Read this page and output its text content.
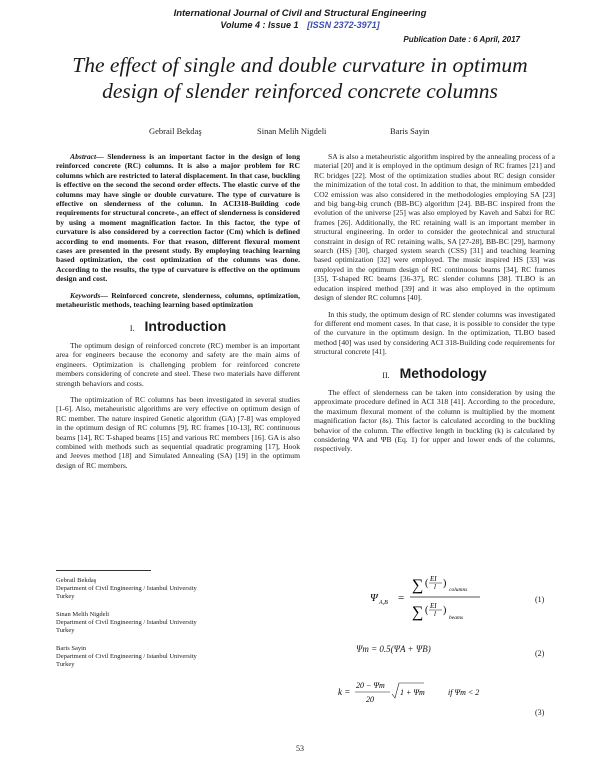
International Journal of Civil and Structural Engineering
Volume 4 : Issue 1 [ISSN 2372-3971]
Publication Date : 6 April, 2017
The effect of single and double curvature in optimum
design of slender reinforced concrete columns
Gebrail Bekdaş	Sinan Melih Nigdeli	Baris Sayin

Abstract— Slenderness is an important factor in the design of long reinforced concrete (RC) columns. It is also a major problem for RC columns which are restricted to lateral displacement. In that case, buckling is effective on the second the second order effects. The elastic curve of the columns may have single or double curvature. The type of curvature is effective on slenderness of the column. In ACI318-Building code requirements for structural concrete-, an effect of slenderness is considered by using a moment magnification factor. In this factor, the type of curvature is also considered by a correction factor (Cm) which is defined according to end moments. For that reason, different flexural moment cases are presented in the present study. By employing teaching learning based optimization, the cost optimization of the columns was done. According to the results, the type of curvature is effective on the optimum design and cost.

Keywords— Reinforced concrete, slenderness, columns, optimization, metaheuristic methods, teaching learning based optimization

I. Introduction

The optimum design of reinforced concrete (RC) member is an important area for engineers because the economy and safety are the main aims of engineers. Optimization is challenging problem for reinforced concrete members considering of concrete and steel. These two materials have different strength behaviors and costs.

The optimization of RC columns has been investigated in several studies [1-6]. Also, metaheuristic algorithms are very effective on optimum design of RC member. The nature inspired Genetic algorithm (GA) [7-8] was employed in the optimum design of RC columns [9], RC frames [10-13], RC continuous beams [14], RC T-shaped beams [15] and various RC members [16]. GA is also combined with methods such as sequential quadratic programing [17], Hook and Jeeves method [18] and Simulated Annealing (SA) [19] in the optimum design of RC members.

Gebrail Bekdaş
Department of Civil Engineering / Istanbul University
Turkey
Sinan Melih Nigdeli
Department of Civil Engineering / Istanbul University
Turkey
Baris Sayin
Department of Civil Engineering / Istanbul University
Turkey

SA is also a metaheuristic algorithm inspired by the annealing process of a material [20] and it is employed in the optimum design of RC frames [21] and RC bridges [22]. Most of the optimization studies about RC design consider the minimization of the total cost. In addition to that, the minimum embedded CO2 emission was also considered in the methodologies employing SA [23] and big bang-big crunch (BB-BC) algorithm [24]. BB-BC inspired from the evolution of the universe [25] was also employed by Kaveh and Sabzi for RC frames [26]. Additionally, the RC retaining wall is an important member in structural engineering. In order to consider the geotechnical and structural constraint in design of RC retaining walls, SA [27-28], BB-BC [29], harmony search (HS) [30], charged system search (CSS) [31] and teaching learning based optimization [32] were employed. The music inspired HS [33] was employed in the optimum design of RC continuous beams [34], RC frames [35], T-shaped RC beams [36-37], RC slender columns [38]. TLBO is an education inspired method [39] and it was also employed in the optimum design of slender RC columns [40].

In this study, the optimum design of RC slender columns was investigated for different end moment cases. In that case, it is possible to consider the type of the curvature in the optimum design. In the optimization, TLBO based method [40] was used by considering ACI 318-Building code requirements for structural concrete [41].

II. Methodology

The effect of slenderness can be taken into consideration by using the approximate procedure defined in ACI 318 [41]. According to the procedure, the maximum flexural moment of the column is multiplied by the moment magnification factor (δs). This factor is calculated according to the buckling behavior of the column. The effective length in buckling (k) is calculated by considering ΨA and ΨB (Eq. 1) for upper and lower ends of the columns, respectively.

Ψ A,B =
∑ ( EI
l )
columns
∑ ( EI
l )
beams
(1)
Ψm = 0.5(ΨA + ΨB)	(2)
k =
20 − Ψm
20
1 + Ψm	if Ψm < 2
(3)
53
